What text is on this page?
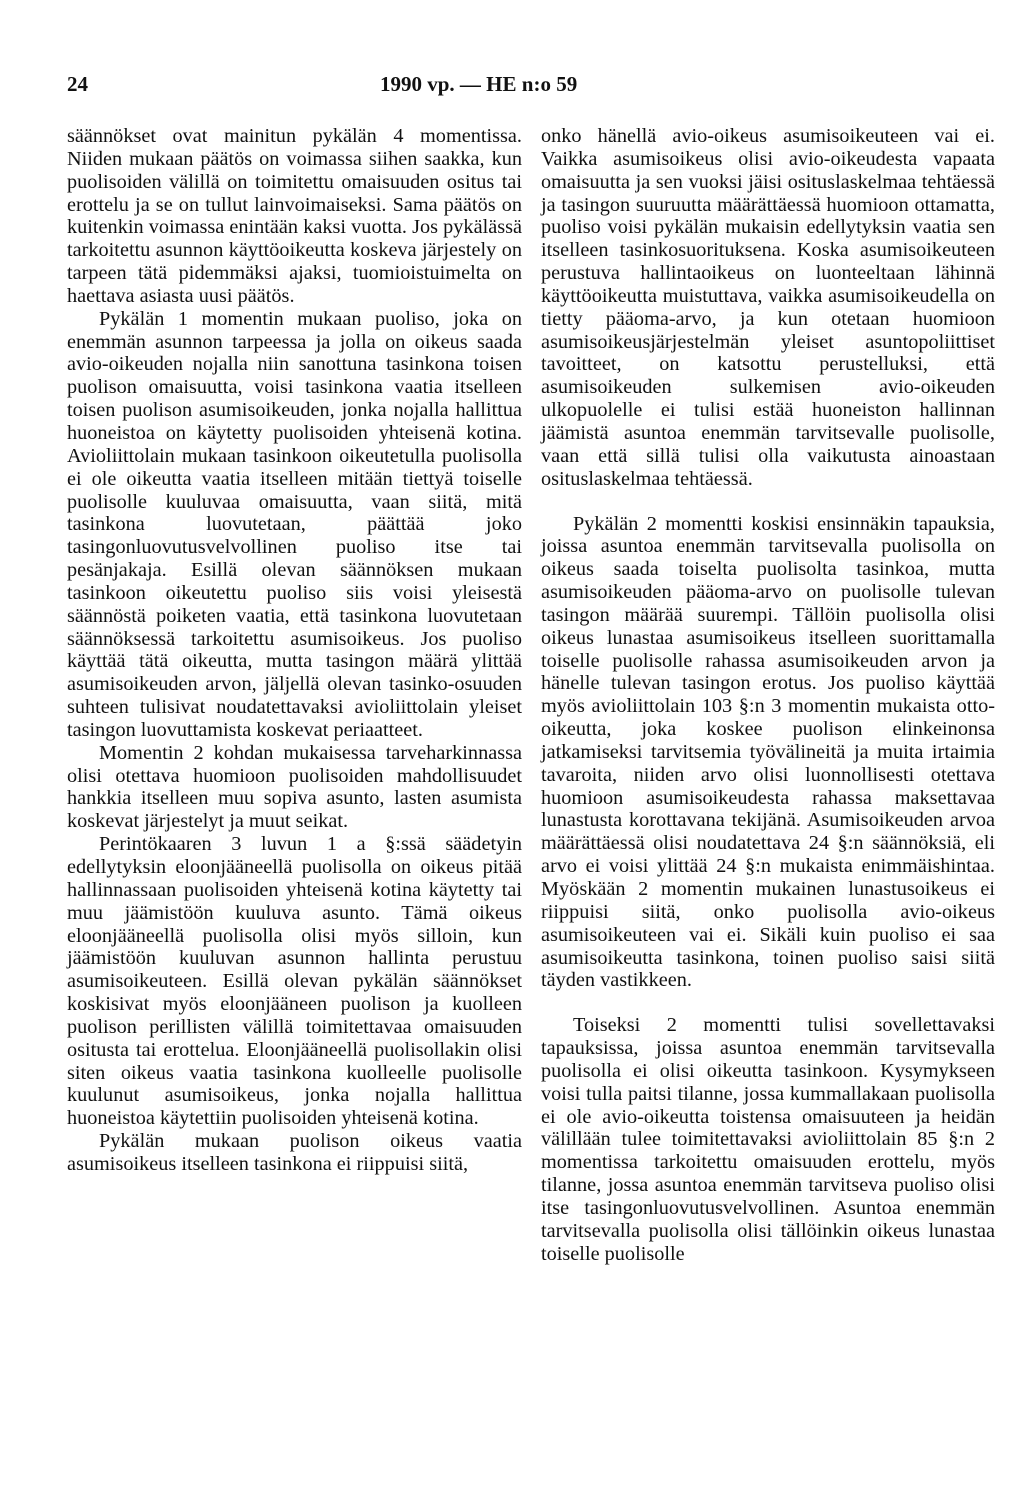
24	1990 vp. — HE n:o 59

säännökset ovat mainitun pykälän 4 momentissa. Niiden mukaan päätös on voimassa siihen saakka, kun puolisoiden välillä on toimitettu omaisuuden ositus tai erottelu ja se on tullut lainvoimaiseksi. Sama päätös on kuitenkin voimassa enintään kaksi vuotta. Jos pykälässä tarkoitettu asunnon käyttöoikeutta koskeva järjestely on tarpeen tätä pidemmäksi ajaksi, tuomioistuimelta on haettava asiasta uusi päätös.

Pykälän 1 momentin mukaan puoliso, joka on enemmän asunnon tarpeessa ja jolla on oikeus saada avio-oikeuden nojalla niin sanottuna tasinkona toisen puolison omaisuutta, voisi tasinkona vaatia itselleen toisen puolison asumisoikeuden, jonka nojalla hallittua huoneistoa on käytetty puolisoiden yhteisenä kotina. Avioliittolain mukaan tasinkoon oikeutetulla puolisolla ei ole oikeutta vaatia itselleen mitään tiettyä toiselle puolisolle kuuluvaa omaisuutta, vaan siitä, mitä tasinkona luovutetaan, päättää joko tasingonluovutusvelvollinen puoliso itse tai pesänjakaja. Esillä olevan säännöksen mukaan tasinkoon oikeutettu puoliso siis voisi yleisestä säännöstä poiketen vaatia, että tasinkona luovutetaan säännöksessä tarkoitettu asumisoikeus. Jos puoliso käyttää tätä oikeutta, mutta tasingon määrä ylittää asumisoikeuden arvon, jäljellä olevan tasinko-osuuden suhteen tulisivat noudatettavaksi avioliittolain yleiset tasingon luovuttamista koskevat periaatteet.

Momentin 2 kohdan mukaisessa tarveharkinnassa olisi otettava huomioon puolisoiden mahdollisuudet hankkia itselleen muu sopiva asunto, lasten asumista koskevat järjestelyt ja muut seikat.

Perintökaaren 3 luvun 1 a §:ssä säädetyin edellytyksin eloonjääneellä puolisolla on oikeus pitää hallinnassaan puolisoiden yhteisenä kotina käytetty tai muu jäämistöön kuuluva asunto. Tämä oikeus eloonjääneellä puolisolla olisi myös silloin, kun jäämistöön kuuluvan asunnon hallinta perustuu asumisoikeuteen. Esillä olevan pykälän säännökset koskisivat myös eloonjääneen puolison ja kuolleen puolison perillisten välillä toimitettavaa omaisuuden ositusta tai erottelua. Eloonjääneellä puolisollakin olisi siten oikeus vaatia tasinkona kuolleelle puolisolle kuulunut asumisoikeus, jonka nojalla hallittua huoneistoa käytettiin puolisoiden yhteisenä kotina.

Pykälän mukaan puolison oikeus vaatia asumisoikeus itselleen tasinkona ei riippuisi siitä,

onko hänellä avio-oikeus asumisoikeuteen vai ei. Vaikka asumisoikeus olisi avio-oikeudesta vapaata omaisuutta ja sen vuoksi jäisi osituslaskelmaa tehtäessä ja tasingon suuruutta määrättäessä huomioon ottamatta, puoliso voisi pykälän mukaisin edellytyksin vaatia sen itselleen tasinkosuorituksena. Koska asumisoikeuteen perustuva hallintaoikeus on luonteeltaan lähinnä käyttöoikeutta muistuttava, vaikka asumisoikeudella on tietty pääoma-arvo, ja kun otetaan huomioon asumisoikeusjärjestelmän yleiset asuntopoliittiset tavoitteet, on katsottu perustelluksi, että asumisoikeuden sulkemisen avio-oikeuden ulkopuolelle ei tulisi estää huoneiston hallinnan jäämistä asuntoa enemmän tarvitsevalle puolisolle, vaan että sillä tulisi olla vaikutusta ainoastaan osituslaskelmaa tehtäessä.

Pykälän 2 momentti koskisi ensinnäkin tapauksia, joissa asuntoa enemmän tarvitsevalla puolisolla on oikeus saada toiselta puolisolta tasinkoa, mutta asumisoikeuden pääoma-arvo on puolisolle tulevan tasingon määrää suurempi. Tällöin puolisolla olisi oikeus lunastaa asumisoikeus itselleen suorittamalla toiselle puolisolle rahassa asumisoikeuden arvon ja hänelle tulevan tasingon erotus. Jos puoliso käyttää myös avioliittolain 103 §:n 3 momentin mukaista otto-oikeutta, joka koskee puolison elinkeinonsa jatkamiseksi tarvitsemia työvälineitä ja muita irtaimia tavaroita, niiden arvo olisi luonnollisesti otettava huomioon asumisoikeudesta rahassa maksettavaa lunastusta korottavana tekijänä. Asumisoikeuden arvoa määrättäessä olisi noudatettava 24 §:n säännöksiä, eli arvo ei voisi ylittää 24 §:n mukaista enimmäishintaa. Myöskään 2 momentin mukainen lunastusoikeus ei riippuisi siitä, onko puolisolla avio-oikeus asumisoikeuteen vai ei. Sikäli kuin puoliso ei saa asumisoikeutta tasinkona, toinen puoliso saisi siitä täyden vastikkeen.

Toiseksi 2 momentti tulisi sovellettavaksi tapauksissa, joissa asuntoa enemmän tarvitsevalla puolisolla ei olisi oikeutta tasinkoon. Kysymykseen voisi tulla paitsi tilanne, jossa kummallakaan puolisolla ei ole avio-oikeutta toistensa omaisuuteen ja heidän välillään tulee toimitettavaksi avioliittolain 85 §:n 2 momentissa tarkoitettu omaisuuden erottelu, myös tilanne, jossa asuntoa enemmän tarvitseva puoliso olisi itse tasingonluovutusvelvollinen. Asuntoa enemmän tarvitsevalla puolisolla olisi tällöinkin oikeus lunastaa toiselle puolisolle
